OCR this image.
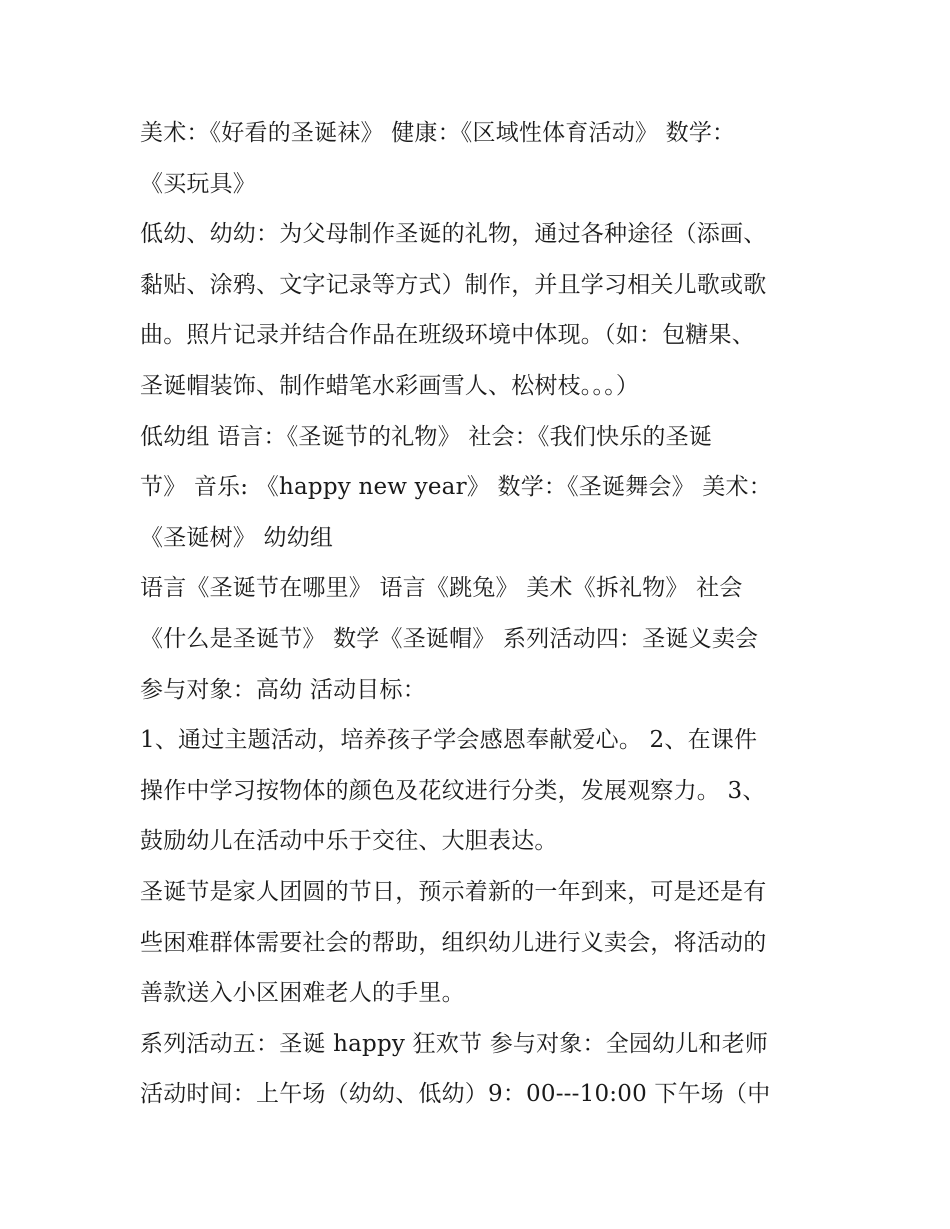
美术：《好看的圣诞袜》 健康：《区域性体育活动》 数学：
《买玩具》
低幼、幼幼：为父母制作圣诞的礼物，通过各种途径（添画、
黏贴、涂鸦、文字记录等方式）制作，并且学习相关儿歌或歌
曲。照片记录并结合作品在班级环境中体现。（如：包糖果、
圣诞帽装饰、制作蜡笔水彩画雪人、松树枝。。。）
低幼组 语言：《圣诞节的礼物》 社会：《我们快乐的圣诞
节》 音乐: 《happy new year》 数学：《圣诞舞会》 美术：
《圣诞树》 幼幼组
语言《圣诞节在哪里》 语言《跳兔》 美术《拆礼物》 社会
《什么是圣诞节》 数学《圣诞帽》 系列活动四：圣诞义卖会
参与对象：高幼 活动目标：
1、通过主题活动，培养孩子学会感恩奉献爱心。 2、在课件
操作中学习按物体的颜色及花纹进行分类，发展观察力。 3、
鼓励幼儿在活动中乐于交往、大胆表达。
圣诞节是家人团圆的节日，预示着新的一年到来，可是还是有
些困难群体需要社会的帮助，组织幼儿进行义卖会，将活动的
善款送入小区困难老人的手里。
系列活动五：圣诞 happy 狂欢节 参与对象：全园幼儿和老师
活动时间：上午场（幼幼、低幼）9：00---10:00 下午场（中
